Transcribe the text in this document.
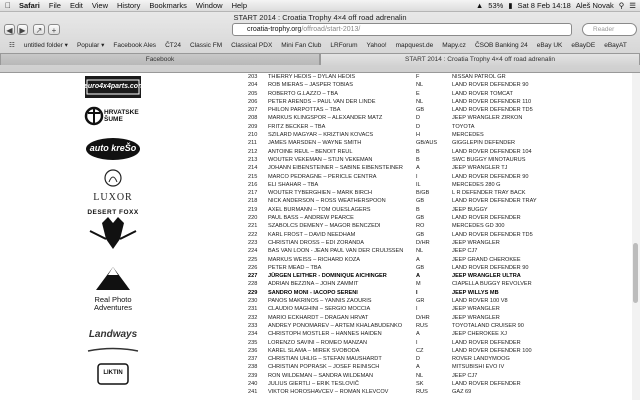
Safari File Edit View History Bookmarks Window Help	▲ 53% ▮ Sat 8 Feb 14:18 Aleš Novak ⚲ ☰
START 2014 : Croatia Trophy 4×4 off road adrenalin
◀ ▶	↗	+	croatia-trophy.org/offroad/start-2013/	Reader
☷ untitled folder ▾ Popular ▾ Facebook Ales ČT24 Classic FM Classical PDX Mini Fan Club LRForum Yahoo! mapquest.de Mapy.cz ČSOB Banking 24 eBay UK eBayDE eBayAT
Facebook	START 2014 : Croatia Trophy 4×4 off road adrenalin
euro4x4parts.com
HRVATSKE ŠUME
auto kreŠo
LUXOR
DESERT FOXX
Real Photo Adventures
Landways
LIKTIN
203	THIERRY HEOIS – DYLAN HEOIS	F	NISSAN PATROL GR
204	ROB MIERAS – JASPER TOBIAS	NL	LAND ROVER DEFENDER 90
205	ROBERTO G.LAZZO – TBA	E	LAND ROVER TOMCAT
206	PETER ARENDS – PAUL VAN DER LINDE	NL	LAND ROVER DEFENDER 110
207	PHILON PARPOTTAS – TBA	GB	LAND ROVER DEFENDER TD5
208	MARKUS KLINGSPOR – ALEXANDER MATZ	D	JEEP WRANGLER ZIRKON
209	FRITZ BECKER – TBA	D	TOYOTA
210	SZILARD MAGYAR – KRIZTIAN KOVACS	H	MERCEDES
211	JAMES MARSDEN – WAYNE SMITH	GB/AUS	GIGGLEPIN DEFENDER
212	ANTOINE REUL – BENOIT REUL	B	LAND ROVER DEFENDER 104
213	WOUTER VEKEMAN – STIJN VEKEMAN	B	SWC BUGGY MINOTAURUS
214	JOHANN EIBENSTEINER – SABINE EIBENSTEINER A	JEEP WRANGLER TJ
215	MARCO PEDRAGNE – PERICLE CENTRA	I	LAND ROVER DEFENDER 90
216	ELI SHAHAR – TBA	IL	MERCEDES 280 G
217	WOUTER TYBERGHIEN – MARK BIRCH	B/GB	L R DEFENDER TRAY BACK
218	NICK ANDERSON – ROSS WEATHERSPOON	GB	LAND ROVER DEFENDER TRAY
219	AXEL BURMANN – TOM OUESLAGERS	B	JEEP BUGGY
220	PAUL BASS – ANDREW PEARCE	GB	LAND ROVER DEFENDER
221	SZABOLCS DEMENY – MAGOR BENCZEDI	RO	MERCEDES GD 300
222	KARL FROST – DAVID NEEDHAM	GB	LAND ROVER DEFENDER TD5
223	CHRISTIAN DROSS – EDI ZORANDA	D/HR	JEEP WRANGLER
224	BAS VAN LOON - JEAN PAUL VAN DER CRUIJSSEN NL	JEEP CJ7
225	MARKUS WEISS – RICHARD KOZA	A	JEEP GRAND CHEROKEE
226	PETER MEAD – TBA	GB	LAND ROVER DEFENDER 90
227	JÜRGEN LEITHER - DOMINIQUE AICHINGER	A	JEEP WRANGLER ULTRA
228	ADRIAN BEZZINA – JOHN ZAMMIT	M	CIAPELLA BUGGY REVOLVER
229	SANDRO MONI - IACOPO SERENI	I	JEEP WILLYS MB
230	PANOS MAKRINOS – YANNIS ZAOURIS	GR	LAND ROVER 100 V8
231	CLAUDIO MAGHINI – SERGIO MOCCIA	I	JEEP WRANGLER
232	MARIO ECKHARDT – DRAGAN HRVAT	D/HR	JEEP WRANGLER
233	ANDREY PONOMAREV – ARTEM KHALABUDENKO RUS	TOYOTALAND CRUISER 90
234	CHRISTOPH MOSTLER – HANNES HAIDEN	A	JEEP CHEROKEE XJ
235	LORENZO SAVINI – ROMEO MANZAN	I	LAND ROVER DEFENDER
236	KAREL SLAMA – MIREK SVOBODA	CZ	LAND ROVER DEFENDER 100
237	CHRISTIAN UHLIG – STEFAN MAUSHARDT	D	ROVER LANDYMOOG
238	CHRISTIAN POPRASK – JOSEF REINISCH	A	MITSUBISHI EVO IV
239	RON WILDEMAN – SANDRA WILDEMAN	NL	JEEP CJ7
240	JULIUS GIERTLI – ERIK TESLOVIČ	SK	LAND ROVER DEFENDER
241	VIKTOR HOROSHAVCEV – ROMAN KLEVCOV	RUS	GAZ 69
